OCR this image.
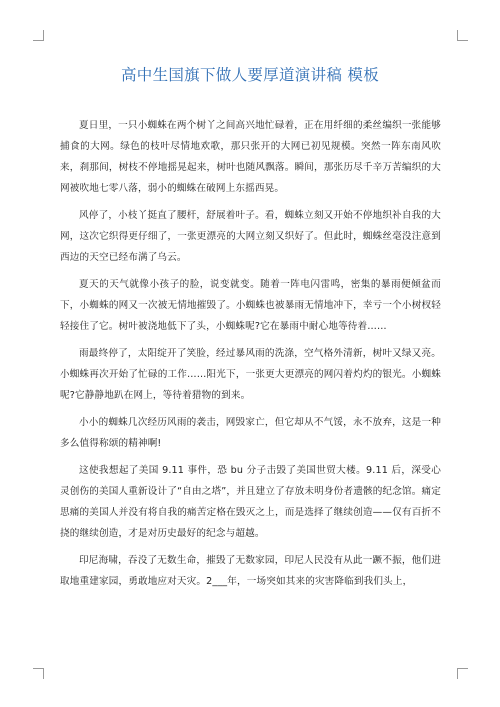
高中生国旗下做人要厚道演讲稿 模板

夏日里，一只小蜘蛛在两个树丫之间高兴地忙碌着，正在用纤细的柔丝编织一张能够捕食的大网。绿色的枝叶尽情地欢歌，那只张开的大网已初见规模。突然一阵东南风吹来，刹那间，树枝不停地摇晃起来，树叶也随风飘落。瞬间，那张历尽千辛万苦编织的大网被吹地七零八落，弱小的蜘蛛在破网上东摇西晃。

风停了，小枝丫挺直了腰杆，舒展着叶子。看，蜘蛛立刻又开始不停地织补自我的大网，这次它织得更仔细了，一张更漂亮的大网立刻又织好了。但此时，蜘蛛丝毫没注意到西边的天空已经布满了乌云。

夏天的天气就像小孩子的脸，说变就变。随着一阵电闪雷鸣，密集的暴雨便倾盆而下，小蜘蛛的网又一次被无情地摧毁了。小蜘蛛也被暴雨无情地冲下，幸亏一个小树杈轻轻接住了它。树叶被浇地低下了头，小蜘蛛呢?它在暴雨中耐心地等待着……

雨最终停了，太阳绽开了笑脸，经过暴风雨的洗涤，空气格外清新，树叶又绿又亮。小蜘蛛再次开始了忙碌的工作……阳光下，一张更大更漂亮的网闪着灼灼的银光。小蜘蛛呢?它静静地趴在网上，等待着猎物的到来。

小小的蜘蛛几次经历风雨的袭击，网毁家亡，但它却从不气馁，永不放弃，这是一种多么值得称颂的精神啊!

这使我想起了美国 9.11 事件，恐 bu 分子击毁了美国世贸大楼。9.11 后，深受心灵创伤的美国人重新设计了“自由之塔”，并且建立了存放未明身份者遗骸的纪念馆。痛定思痛的美国人并没有将自我的痛苦定格在毁灭之上，而是选择了继续创造——仅有百折不挠的继续创造，才是对历史最好的纪念与超越。

印尼海啸，吞没了无数生命，摧毁了无数家园，印尼人民没有从此一蹶不振，他们进取地重建家园，勇敢地应对天灾。2___年，一场突如其来的灾害降临到我们头上，
